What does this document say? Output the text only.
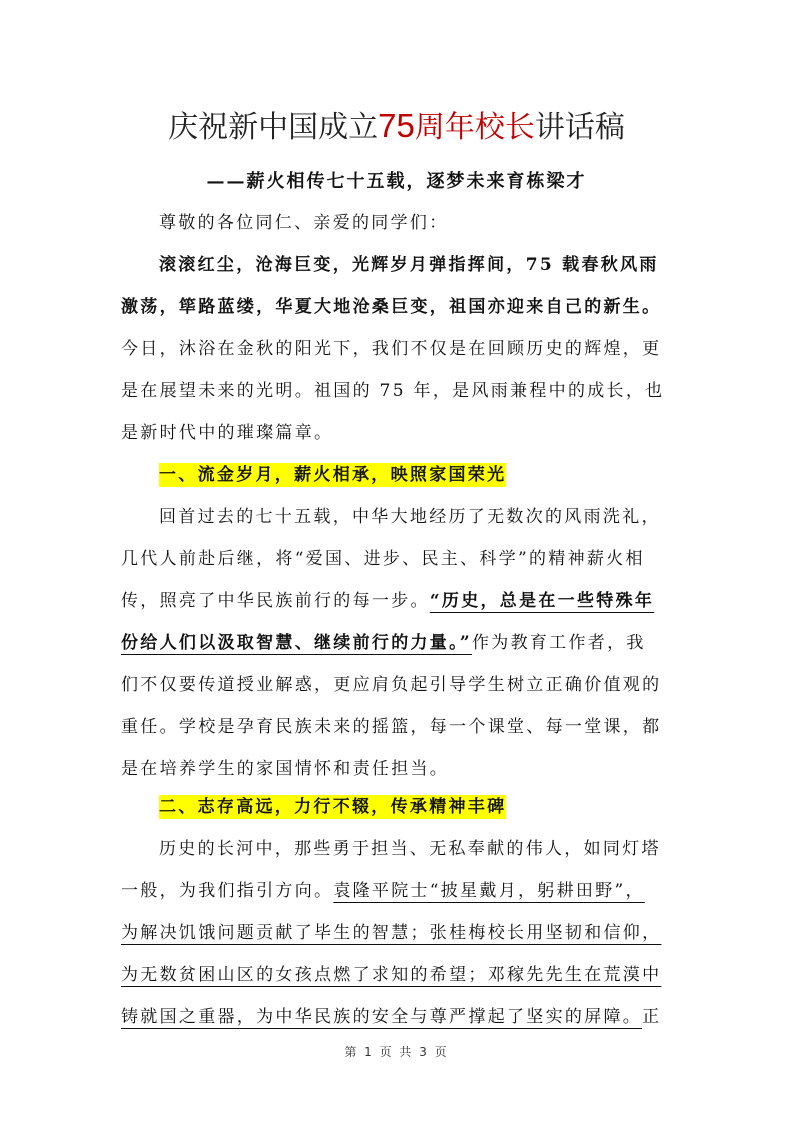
庆祝新中国成立75周年校长讲话稿
——薪火相传七十五载，逐梦未来育栋梁才
尊敬的各位同仁、亲爱的同学们：
滚滚红尘，沧海巨变，光辉岁月弹指挥间，75 载春秋风雨
激荡，筚路蓝缕，华夏大地沧桑巨变，祖国亦迎来自己的新生。
今日，沐浴在金秋的阳光下，我们不仅是在回顾历史的辉煌，更
是在展望未来的光明。祖国的 75 年，是风雨兼程中的成长，也
是新时代中的璀璨篇章。
一、流金岁月，薪火相承，映照家国荣光
回首过去的七十五载，中华大地经历了无数次的风雨洗礼，
几代人前赴后继，将“爱国、进步、民主、科学”的精神薪火相
传，照亮了中华民族前行的每一步。“历史，总是在一些特殊年
份给人们以汲取智慧、继续前行的力量。”作为教育工作者，我
们不仅要传道授业解惑，更应肩负起引导学生树立正确价值观的
重任。学校是孕育民族未来的摇篮，每一个课堂、每一堂课，都
是在培养学生的家国情怀和责任担当。
二、志存高远，力行不辍，传承精神丰碑
历史的长河中，那些勇于担当、无私奉献的伟人，如同灯塔
一般，为我们指引方向。袁隆平院士“披星戴月，躬耕田野”，
为解决饥饿问题贡献了毕生的智慧；张桂梅校长用坚韧和信仰，
为无数贫困山区的女孩点燃了求知的希望；邓稼先先生在荒漠中
铸就国之重器，为中华民族的安全与尊严撑起了坚实的屏障。正
第 1 页 共 3 页
